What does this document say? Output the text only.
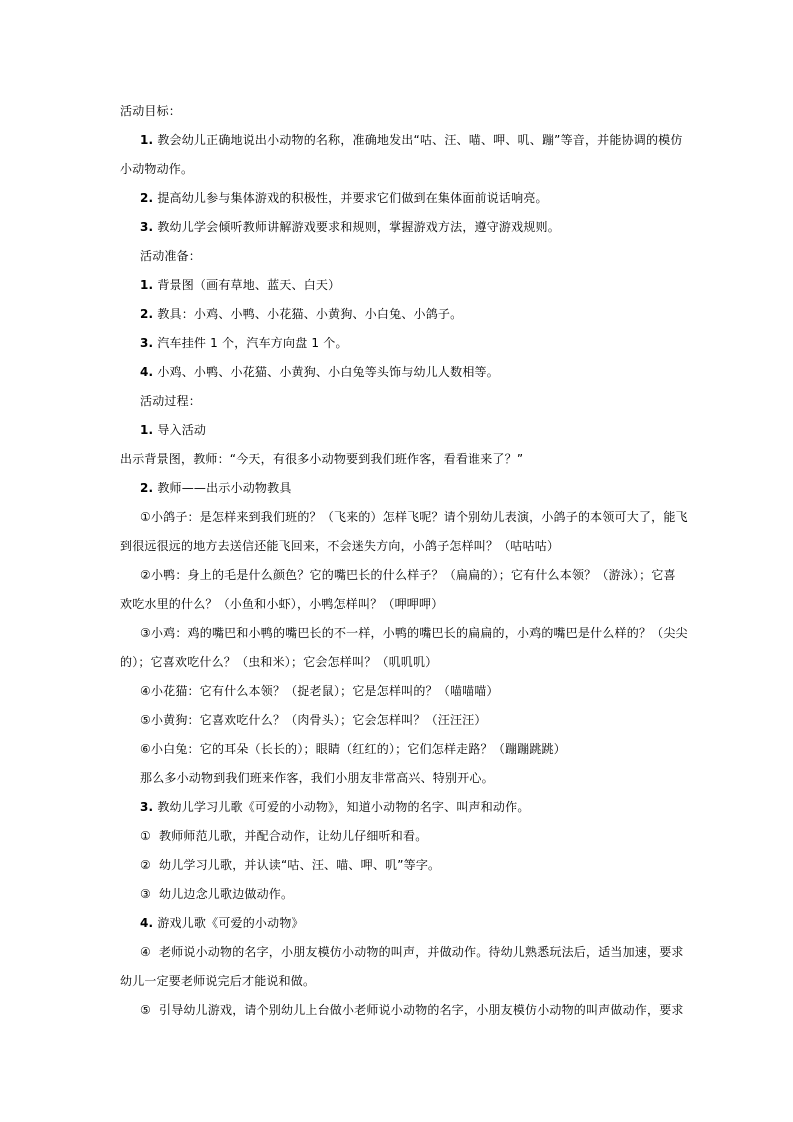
活动目标：
1. 教会幼儿正确地说出小动物的名称，准确地发出“咕、汪、喵、呷、叽、蹦”等音，并能协调的模仿
小动物动作。
2. 提高幼儿参与集体游戏的积极性，并要求它们做到在集体面前说话响亮。
3. 教幼儿学会倾听教师讲解游戏要求和规则，掌握游戏方法，遵守游戏规则。
活动准备：
1. 背景图（画有草地、蓝天、白天）
2. 教具：小鸡、小鸭、小花猫、小黄狗、小白兔、小鸽子。
3. 汽车挂件 1 个，汽车方向盘 1 个。
4. 小鸡、小鸭、小花猫、小黄狗、小白兔等头饰与幼儿人数相等。
活动过程：
1. 导入活动
出示背景图，教师：“今天，有很多小动物要到我们班作客，看看谁来了？”
2. 教师——出示小动物教具
①小鸽子：是怎样来到我们班的？（飞来的）怎样飞呢？请个别幼儿表演，小鸽子的本领可大了，能飞
到很远很远的地方去送信还能飞回来，不会迷失方向，小鸽子怎样叫？（咕咕咕）
②小鸭：身上的毛是什么颜色？它的嘴巴长的什么样子？（扁扁的）；它有什么本领？（游泳）；它喜
欢吃水里的什么？（小鱼和小虾），小鸭怎样叫？（呷呷呷）
③小鸡：鸡的嘴巴和小鸭的嘴巴长的不一样，小鸭的嘴巴长的扁扁的，小鸡的嘴巴是什么样的？（尖尖
的）；它喜欢吃什么？（虫和米）；它会怎样叫？（叽叽叽）
④小花猫：它有什么本领？（捉老鼠）；它是怎样叫的？（喵喵喵）
⑤小黄狗：它喜欢吃什么？（肉骨头）；它会怎样叫？（汪汪汪）
⑥小白兔：它的耳朵（长长的）；眼睛（红红的）；它们怎样走路？（蹦蹦跳跳）
那么多小动物到我们班来作客，我们小朋友非常高兴、特别开心。
3. 教幼儿学习儿歌《可爱的小动物》，知道小动物的名字、叫声和动作。
① 教师师范儿歌，并配合动作，让幼儿仔细听和看。
② 幼儿学习儿歌，并认读“咕、汪、喵、呷、叽”等字。
③ 幼儿边念儿歌边做动作。
4. 游戏儿歌《可爱的小动物》
④ 老师说小动物的名字，小朋友模仿小动物的叫声，并做动作。待幼儿熟悉玩法后，适当加速，要求
幼儿一定要老师说完后才能说和做。
⑤ 引导幼儿游戏，请个别幼儿上台做小老师说小动物的名字，小朋友模仿小动物的叫声做动作，要求
